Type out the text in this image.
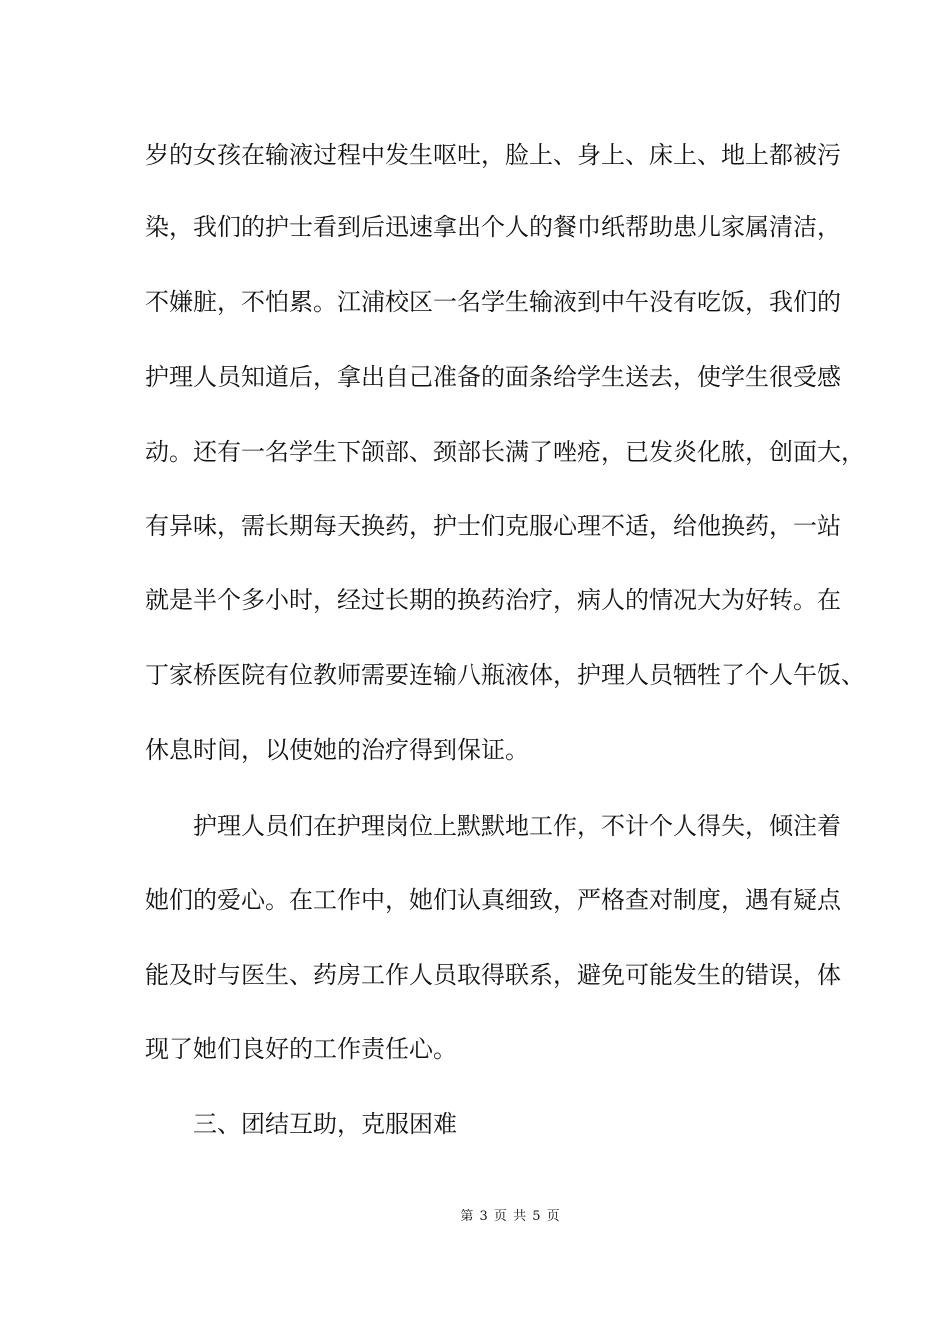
岁的女孩在输液过程中发生呕吐，脸上、身上、床上、地上都被污
染，我们的护士看到后迅速拿出个人的餐巾纸帮助患儿家属清洁，
不嫌脏，不怕累。江浦校区一名学生输液到中午没有吃饭，我们的
护理人员知道后，拿出自己准备的面条给学生送去，使学生很受感
动。还有一名学生下颌部、颈部长满了唑疮，已发炎化脓，创面大，
有异味，需长期每天换药，护士们克服心理不适，给他换药，一站
就是半个多小时，经过长期的换药治疗，病人的情况大为好转。在
丁家桥医院有位教师需要连输八瓶液体，护理人员牺牲了个人午饭、
休息时间，以使她的治疗得到保证。
护理人员们在护理岗位上默默地工作，不计个人得失，倾注着
她们的爱心。在工作中，她们认真细致，严格查对制度，遇有疑点
能及时与医生、药房工作人员取得联系，避免可能发生的错误，体
现了她们良好的工作责任心。
三、团结互助，克服困难
第 3 页 共 5 页
